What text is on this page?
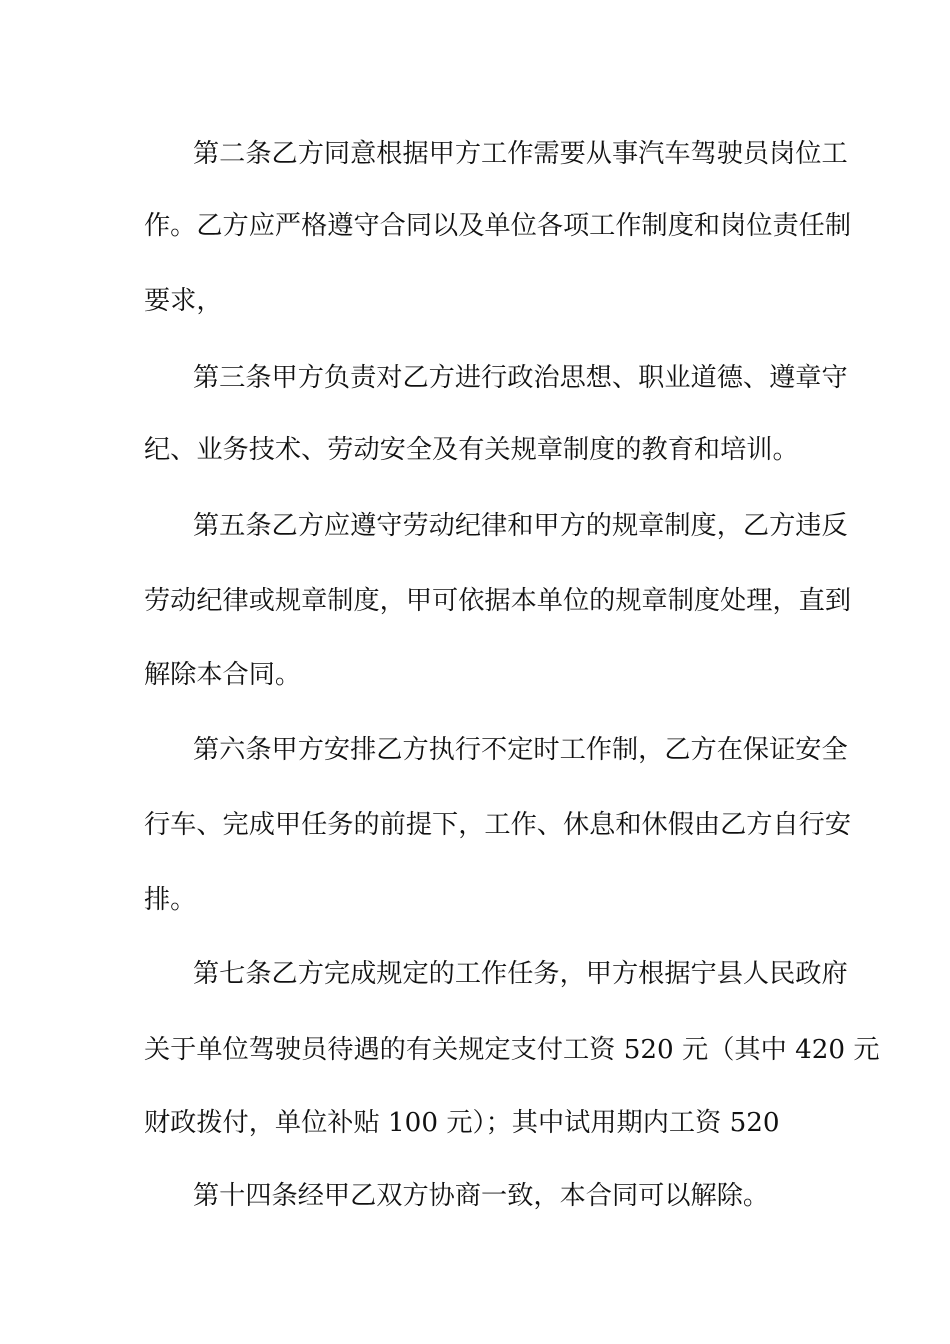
第二条乙方同意根据甲方工作需要从事汽车驾驶员岗位工
作。乙方应严格遵守合同以及单位各项工作制度和岗位责任制
要求，
第三条甲方负责对乙方进行政治思想、职业道德、遵章守
纪、业务技术、劳动安全及有关规章制度的教育和培训。
第五条乙方应遵守劳动纪律和甲方的规章制度，乙方违反
劳动纪律或规章制度，甲可依据本单位的规章制度处理，直到
解除本合同。
第六条甲方安排乙方执行不定时工作制，乙方在保证安全
行车、完成甲任务的前提下，工作、休息和休假由乙方自行安
排。
第七条乙方完成规定的工作任务，甲方根据宁县人民政府
关于单位驾驶员待遇的有关规定支付工资 520 元（其中 420 元
财政拨付，单位补贴 100 元）；其中试用期内工资 520
第十四条经甲乙双方协商一致，本合同可以解除。
